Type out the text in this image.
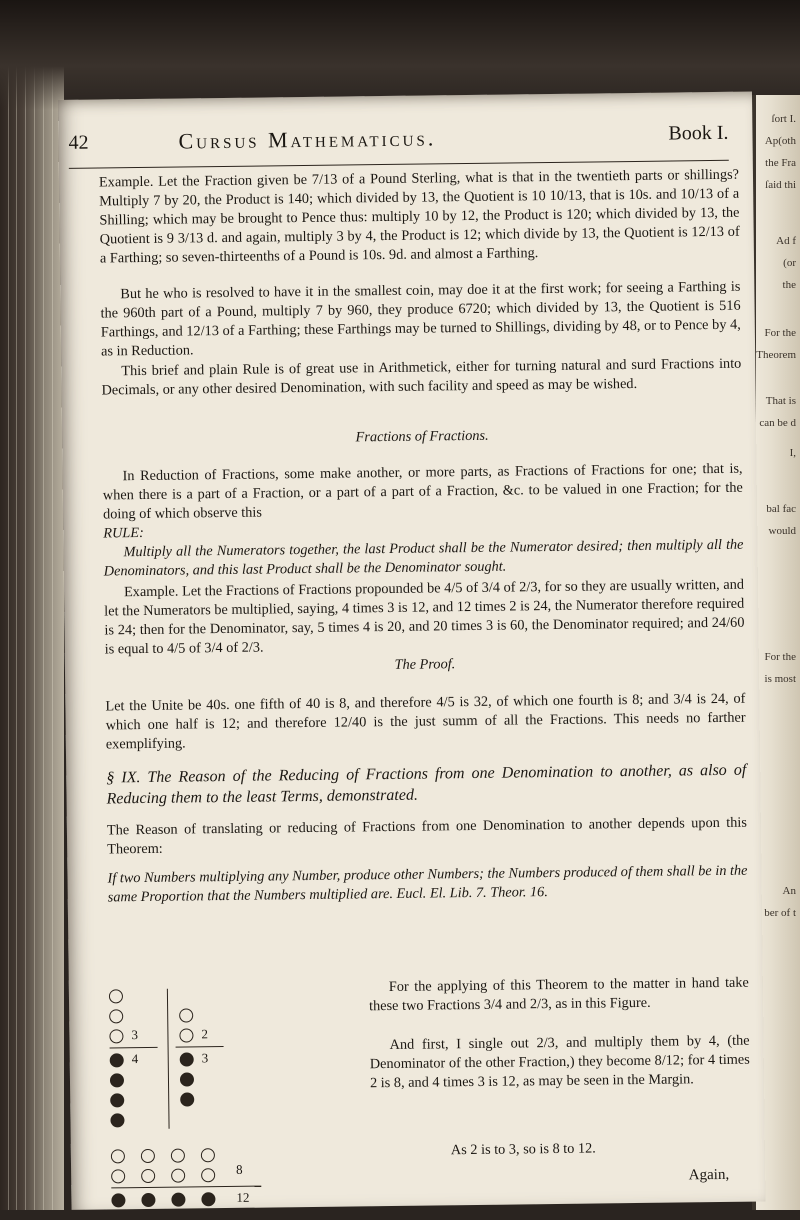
ſort I.
Ap(oth
the Fra
ſaid thi
Ad f
(or
the
For the
Theorem
That is
can be d
I,
bal fac
would
For the
is most
An
ber of t
42	Cursus Mathematicus.	Book I.
Example. Let the Fraction given be 7/13 of a Pound Sterling, what is that in the twentieth parts or shillings? Multiply 7 by 20, the Product is 140; which divided by 13, the Quotient is 10 10/13, that is 10s. and 10/13 of a Shilling; which may be brought to Pence thus: multiply 10 by 12, the Product is 120; which divided by 13, the Quotient is 9 3/13 d. and again, multiply 3 by 4, the Product is 12; which divide by 13, the Quotient is 12/13 of a Farthing; so seven-thirteenths of a Pound is 10s. 9d. and almost a Farthing.
But he who is resolved to have it in the smallest coin, may doe it at the first work; for seeing a Farthing is the 960th part of a Pound, multiply 7 by 960, they produce 6720; which divided by 13, the Quotient is 516 Farthings, and 12/13 of a Farthing; these Farthings may be turned to Shillings, dividing by 48, or to Pence by 4, as in Reduction.
This brief and plain Rule is of great use in Arithmetick, either for turning natural and surd Fractions into Decimals, or any other desired Denomination, with such facility and speed as may be wished.
Fractions of Fractions.
In Reduction of Fractions, some make another, or more parts, as Fractions of Fractions for one; that is, when there is a part of a Fraction, or a part of a part of a Fraction, &c. to be valued in one Fraction; for the doing of which observe this
RULE:
Multiply all the Numerators together, the last Product shall be the Numerator desired; then multiply all the Denominators, and this last Product shall be the Denominator sought.
Example. Let the Fractions of Fractions propounded be 4/5 of 3/4 of 2/3, for so they are usually written, and let the Numerators be multiplied, saying, 4 times 3 is 12, and 12 times 2 is 24, the Numerator therefore required is 24; then for the Denominator, say, 5 times 4 is 20, and 20 times 3 is 60, the Denominator required; and 24/60 is equal to 4/5 of 3/4 of 2/3.
The Proof.
Let the Unite be 40s. one fifth of 40 is 8, and therefore 4/5 is 32, of which one fourth is 8; and 3/4 is 24, of which one half is 12; and therefore 12/40 is the just summ of all the Fractions. This needs no farther exemplifying.
§ IX. The Reason of the Reducing of Fractions from one Denomination to another, as also of Reducing them to the least Terms, demonstrated.
The Reason of translating or reducing of Fractions from one Denomination to another depends upon this Theorem:
If two Numbers multiplying any Number, produce other Numbers; the Numbers produced of them shall be in the same Proportion that the Numbers multiplied are. Eucl. El. Lib. 7. Theor. 16.
3
4
2
3
8
12
For the applying of this Theorem to the matter in hand take these two Fractions 3/4 and 2/3, as in this Figure.
And first, I single out 2/3, and multiply them by 4, (the Denominator of the other Fraction,) they become 8/12; for 4 times 2 is 8, and 4 times 3 is 12, as may be seen in the Margin.
As 2 is to 3, so is 8 to 12.
Again,
